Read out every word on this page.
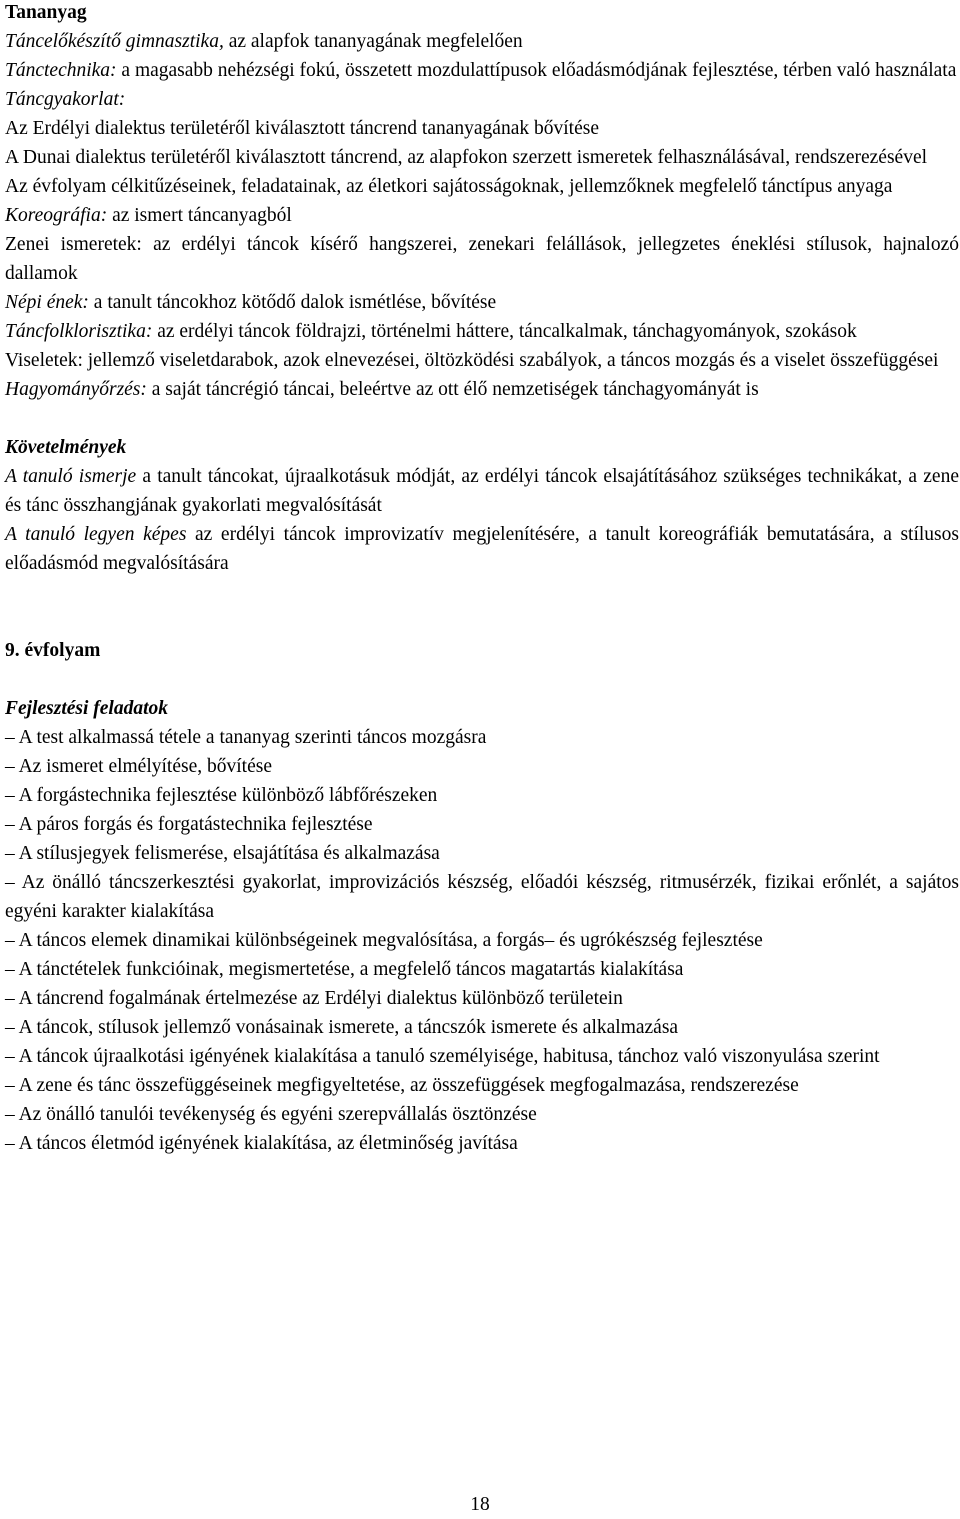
Tananyag

Táncelőkészítő gimnasztika, az alapfok tananyagának megfelelően

Tánctechnika: a magasabb nehézségi fokú, összetett mozdulattípusok előadásmódjának fejlesztése, térben való használata

Táncgyakorlat:

Az Erdélyi dialektus területéről kiválasztott táncrend tananyagának bővítése

A Dunai dialektus területéről kiválasztott táncrend, az alapfokon szerzett ismeretek felhasználásával, rendszerezésével

Az évfolyam célkitűzéseinek, feladatainak, az életkori sajátosságoknak, jellemzőknek megfelelő tánctípus anyaga

Koreográfia: az ismert táncanyagból

Zenei ismeretek: az erdélyi táncok kísérő hangszerei, zenekari felállások, jellegzetes éneklési stílusok, hajnalozó dallamok

Népi ének: a tanult táncokhoz kötődő dalok ismétlése, bővítése

Táncfolklorisztika: az erdélyi táncok földrajzi, történelmi háttere, táncalkalmak, tánchagyományok, szokások

Viseletek: jellemző viseletdarabok, azok elnevezései, öltözködési szabályok, a táncos mozgás és a viselet összefüggései

Hagyományőrzés: a saját táncrégió táncai, beleértve az ott élő nemzetiségek tánchagyományát is

Követelmények

A tanuló ismerje a tanult táncokat, újraalkotásuk módját, az erdélyi táncok elsajátításához szükséges technikákat, a zene és tánc összhangjának gyakorlati megvalósítását

A tanuló legyen képes az erdélyi táncok improvizatív megjelenítésére, a tanult koreográfiák bemutatására, a stílusos előadásmód megvalósítására

9. évfolyam

Fejlesztési feladatok

– A test alkalmassá tétele a tananyag szerinti táncos mozgásra

– Az ismeret elmélyítése, bővítése

– A forgástechnika fejlesztése különböző lábfőrészeken

– A páros forgás és forgatástechnika fejlesztése

– A stílusjegyek felismerése, elsajátítása és alkalmazása

– Az önálló táncszerkesztési gyakorlat, improvizációs készség, előadói készség, ritmusérzék, fizikai erőnlét, a sajátos egyéni karakter kialakítása

– A táncos elemek dinamikai különbségeinek megvalósítása, a forgás– és ugrókészség fejlesztése

– A tánctételek funkcióinak, megismertetése, a megfelelő táncos magatartás kialakítása

– A táncrend fogalmának értelmezése az Erdélyi dialektus különböző területein

– A táncok, stílusok jellemző vonásainak ismerete, a táncszók ismerete és alkalmazása

– A táncok újraalkotási igényének kialakítása a tanuló személyisége, habitusa, tánchoz való viszonyulása szerint

– A zene és tánc összefüggéseinek megfigyeltetése, az összefüggések megfogalmazása, rendszerezése

– Az önálló tanulói tevékenység és egyéni szerepvállalás ösztönzése

– A táncos életmód igényének kialakítása, az életminőség javítása

18
